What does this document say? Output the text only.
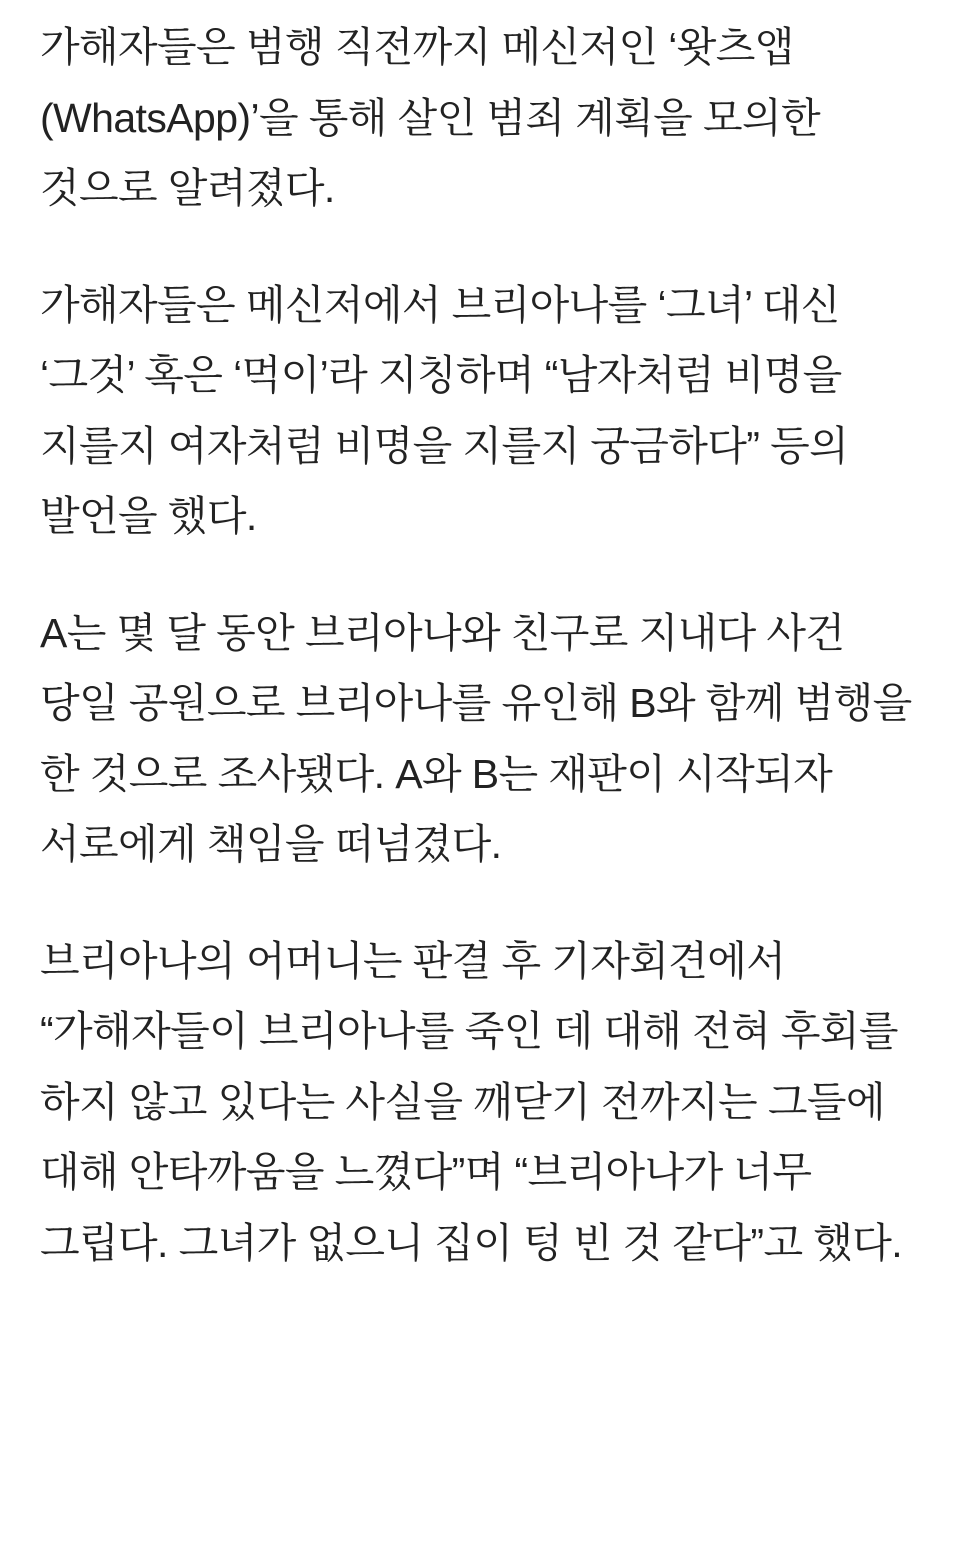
가해자들은 범행 직전까지 메신저인 ‘왓츠앱(WhatsApp)’을 통해 살인 범죄 계획을 모의한 것으로 알려졌다.

가해자들은 메신저에서 브리아나를 ‘그녀’ 대신 ‘그것’ 혹은 ‘먹이’라 지칭하며 “남자처럼 비명을 지를지 여자처럼 비명을 지를지 궁금하다” 등의 발언을 했다.

A는 몇 달 동안 브리아나와 친구로 지내다 사건 당일 공원으로 브리아나를 유인해 B와 함께 범행을 한 것으로 조사됐다. A와 B는 재판이 시작되자 서로에게 책임을 떠넘겼다.

브리아나의 어머니는 판결 후 기자회견에서 “가해자들이 브리아나를 죽인 데 대해 전혀 후회를 하지 않고 있다는 사실을 깨닫기 전까지는 그들에 대해 안타까움을 느꼈다”며 “브리아나가 너무 그립다. 그녀가 없으니 집이 텅 빈 것 같다”고 했다.
